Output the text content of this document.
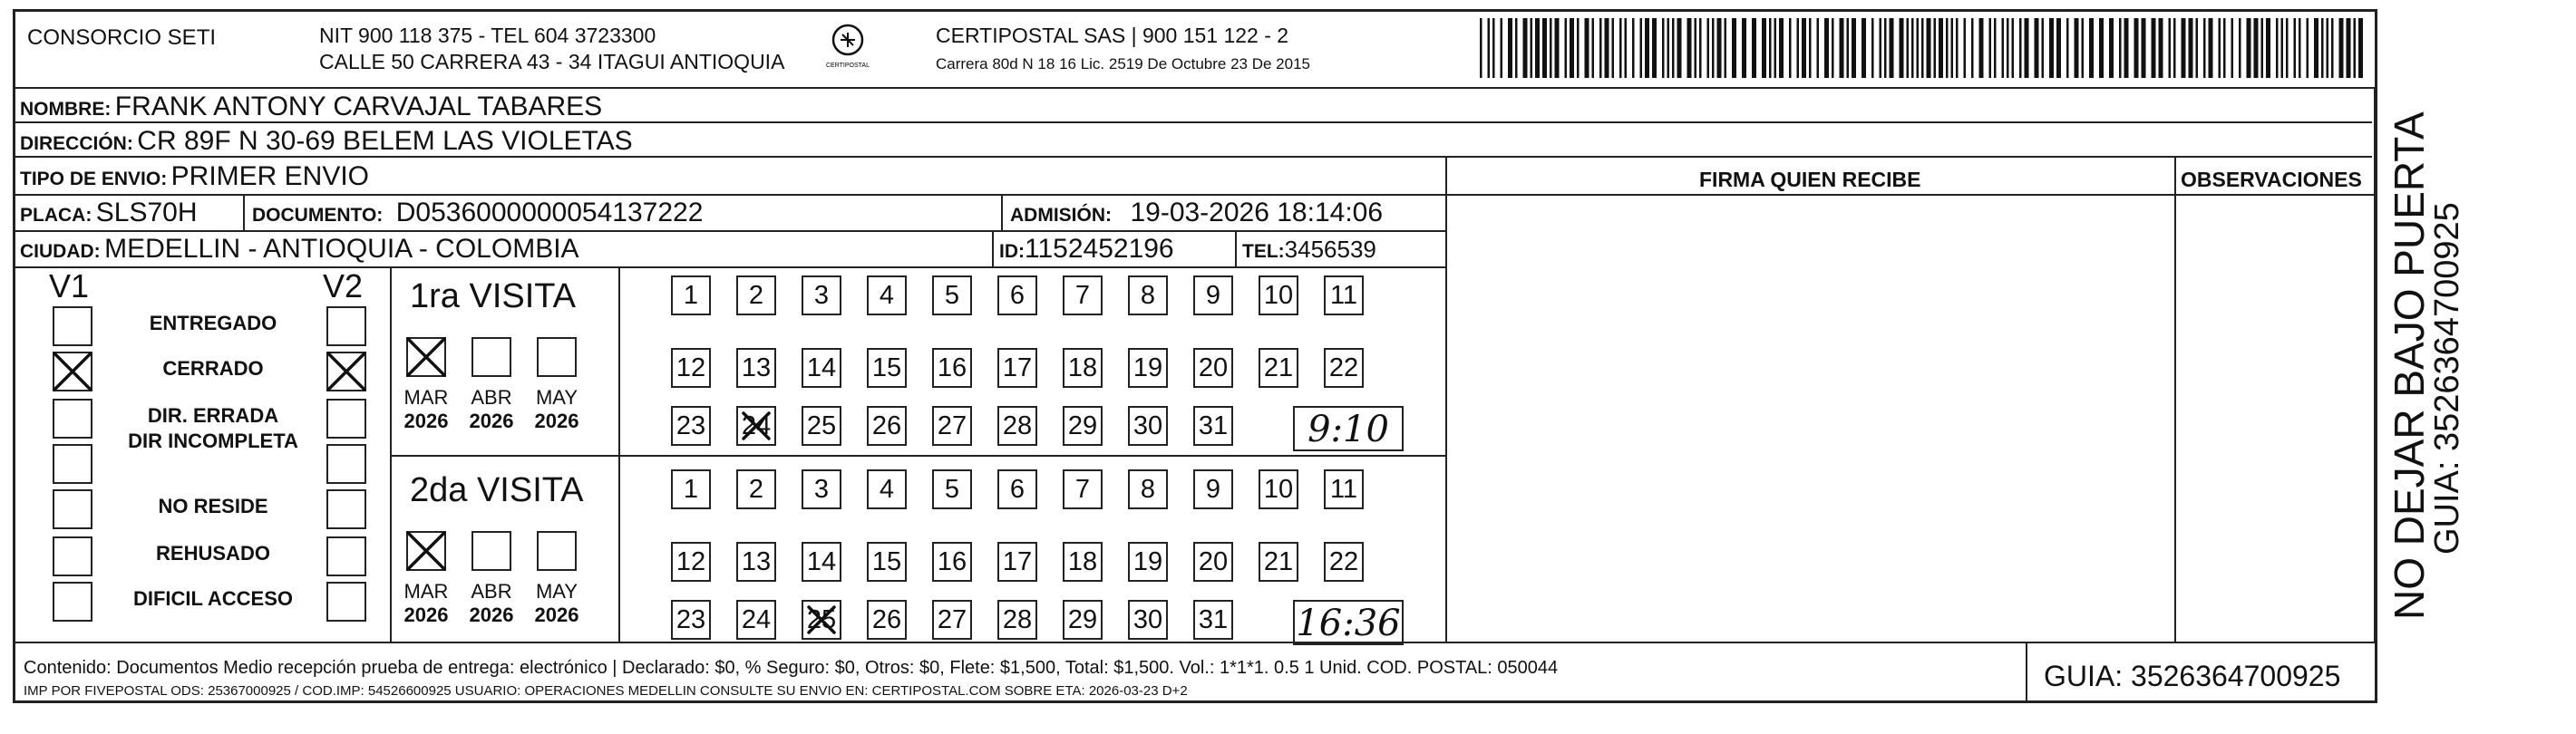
CONSORCIO SETI	NIT 900 118 375 - TEL 604 3723300
CALLE 50 CARRERA 43 - 34 ITAGUI ANTIOQUIA	CERTIPOSTAL
CERTIPOSTAL SAS | 900 151 122 - 2
Carrera 80d N 18 16 Lic. 2519 De Octubre 23 De 2015
NOMBRE: FRANK ANTONY CARVAJAL TABARES
DIRECCIÓN: CR 89F N 30-69 BELEM LAS VIOLETAS
TIPO DE ENVIO: PRIMER ENVIO
PLACA: SLS70H	DOCUMENTO: D0536000000054137222	ADMISIÓN: 19-03-2026 18:14:06
CIUDAD: MEDELLIN - ANTIOQUIA - COLOMBIA	ID:1152452196	TEL:3456539
FIRMA QUIEN RECIBE	OBSERVACIONES
V1	V2
ENTREGADO
CERRADO
DIR. ERRADA
DIR INCOMPLETA
NO RESIDE
REHUSADO
DIFICIL ACCESO
1ra VISITA
MAR
2026
ABR
2026
MAY
2026
1	2	3	4	5	6	7	8	9	10 11
12 13 14 15 16 17 18 19 20 21 22
23 24 25 26 27 28 29 30 31	9:10
2da VISITA
MAR
2026
ABR
2026
MAY
2026
1	2	3	4	5	6	7	8	9	10 11
12 13 14 15 16 17 18 19 20 21 22
23 24 25 26 27 28 29 30 31 16:36
Contenido: Documentos Medio recepción prueba de entrega: electrónico | Declarado: $0, % Seguro: $0, Otros: $0, Flete: $1,500, Total: $1,500. Vol.: 1*1*1. 0.5 1 Unid. COD. POSTAL: 050044
IMP POR FIVEPOSTAL ODS: 25367000925 / COD.IMP: 54526600925 USUARIO: OPERACIONES MEDELLIN CONSULTE SU ENVIO EN: CERTIPOSTAL.COM SOBRE ETA: 2026-03-23 D+2	GUIA: 3526364700925
NO DEJAR BAJO PUERTA
GUIA: 3526364700925
